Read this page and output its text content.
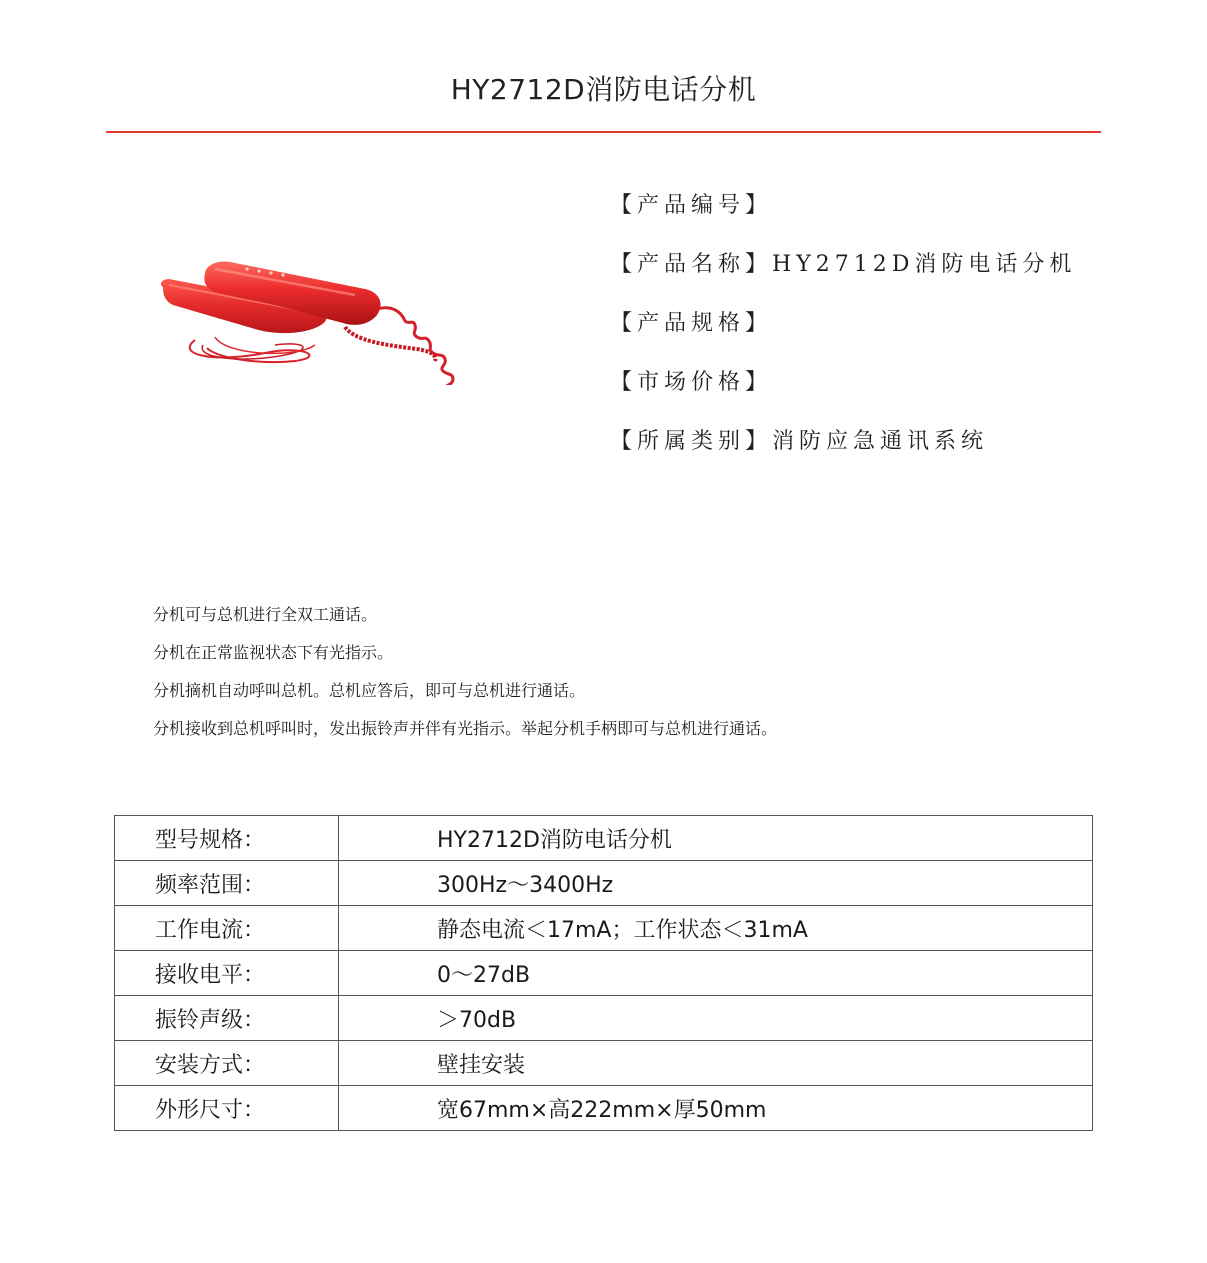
HY2712D消防电话分机
【产品编号】
【产品名称】HY2712D消防电话分机
【产品规格】
【市场价格】
【所属类别】消防应急通讯系统
分机可与总机进行全双工通话。
分机在正常监视状态下有光指示。
分机摘机自动呼叫总机。总机应答后，即可与总机进行通话。
分机接收到总机呼叫时，发出振铃声并伴有光指示。举起分机手柄即可与总机进行通话。
型号规格：	HY2712D消防电话分机
频率范围：	300Hz～3400Hz
工作电流：	静态电流＜17mA；工作状态＜31mA
接收电平：	0～27dB
振铃声级：	＞70dB
安装方式：	壁挂安装
外形尺寸：	宽67mm×高222mm×厚50mm
